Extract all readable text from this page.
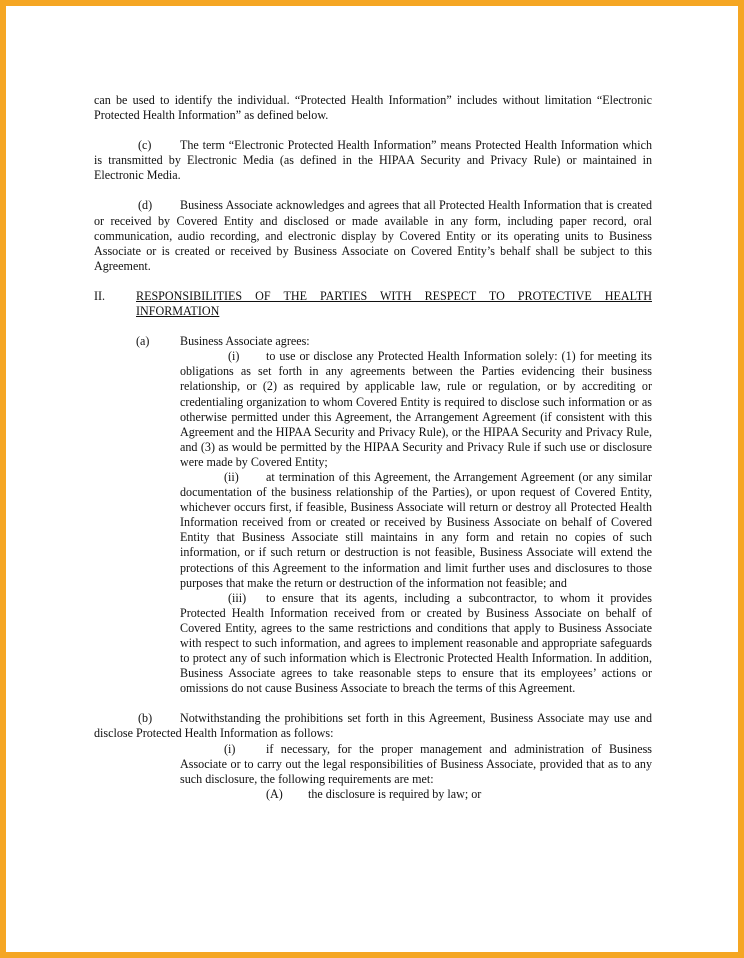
can be used to identify the individual. “Protected Health Information” includes without limitation “Electronic Protected Health Information” as defined below.

(c) The term “Electronic Protected Health Information” means Protected Health Information which is transmitted by Electronic Media (as defined in the HIPAA Security and Privacy Rule) or maintained in Electronic Media.

(d) Business Associate acknowledges and agrees that all Protected Health Information that is created or received by Covered Entity and disclosed or made available in any form, including paper record, oral communication, audio recording, and electronic display by Covered Entity or its operating units to Business Associate or is created or received by Business Associate on Covered Entity’s behalf shall be subject to this Agreement.

II.	RESPONSIBILITIES OF THE PARTIES WITH RESPECT TO PROTECTIVE HEALTH INFORMATION
(a)	Business Associate agrees:

(i) to use or disclose any Protected Health Information solely: (1) for meeting its obligations as set forth in any agreements between the Parties evidencing their business relationship, or (2) as required by applicable law, rule or regulation, or by accrediting or credentialing organization to whom Covered Entity is required to disclose such information or as otherwise permitted under this Agreement, the Arrangement Agreement (if consistent with this Agreement and the HIPAA Security and Privacy Rule), or the HIPAA Security and Privacy Rule, and (3) as would be permitted by the HIPAA Security and Privacy Rule if such use or disclosure were made by Covered Entity;

(ii) at termination of this Agreement, the Arrangement Agreement (or any similar documentation of the business relationship of the Parties), or upon request of Covered Entity, whichever occurs first, if feasible, Business Associate will return or destroy all Protected Health Information received from or created or received by Business Associate on behalf of Covered Entity that Business Associate still maintains in any form and retain no copies of such information, or if such return or destruction is not feasible, Business Associate will extend the protections of this Agreement to the information and limit further uses and disclosures to those purposes that make the return or destruction of the information not feasible; and

(iii) to ensure that its agents, including a subcontractor, to whom it provides Protected Health Information received from or created by Business Associate on behalf of Covered Entity, agrees to the same restrictions and conditions that apply to Business Associate with respect to such information, and agrees to implement reasonable and appropriate safeguards to protect any of such information which is Electronic Protected Health Information. In addition, Business Associate agrees to take reasonable steps to ensure that its employees’ actions or omissions do not cause Business Associate to breach the terms of this Agreement.

(b) Notwithstanding the prohibitions set forth in this Agreement, Business Associate may use and disclose Protected Health Information as follows:

(i)	if necessary, for the proper management and administration of Business Associate or to carry out the legal responsibilities of Business Associate, provided that as to any such disclosure, the following requirements are met:

(A) the disclosure is required by law; or
